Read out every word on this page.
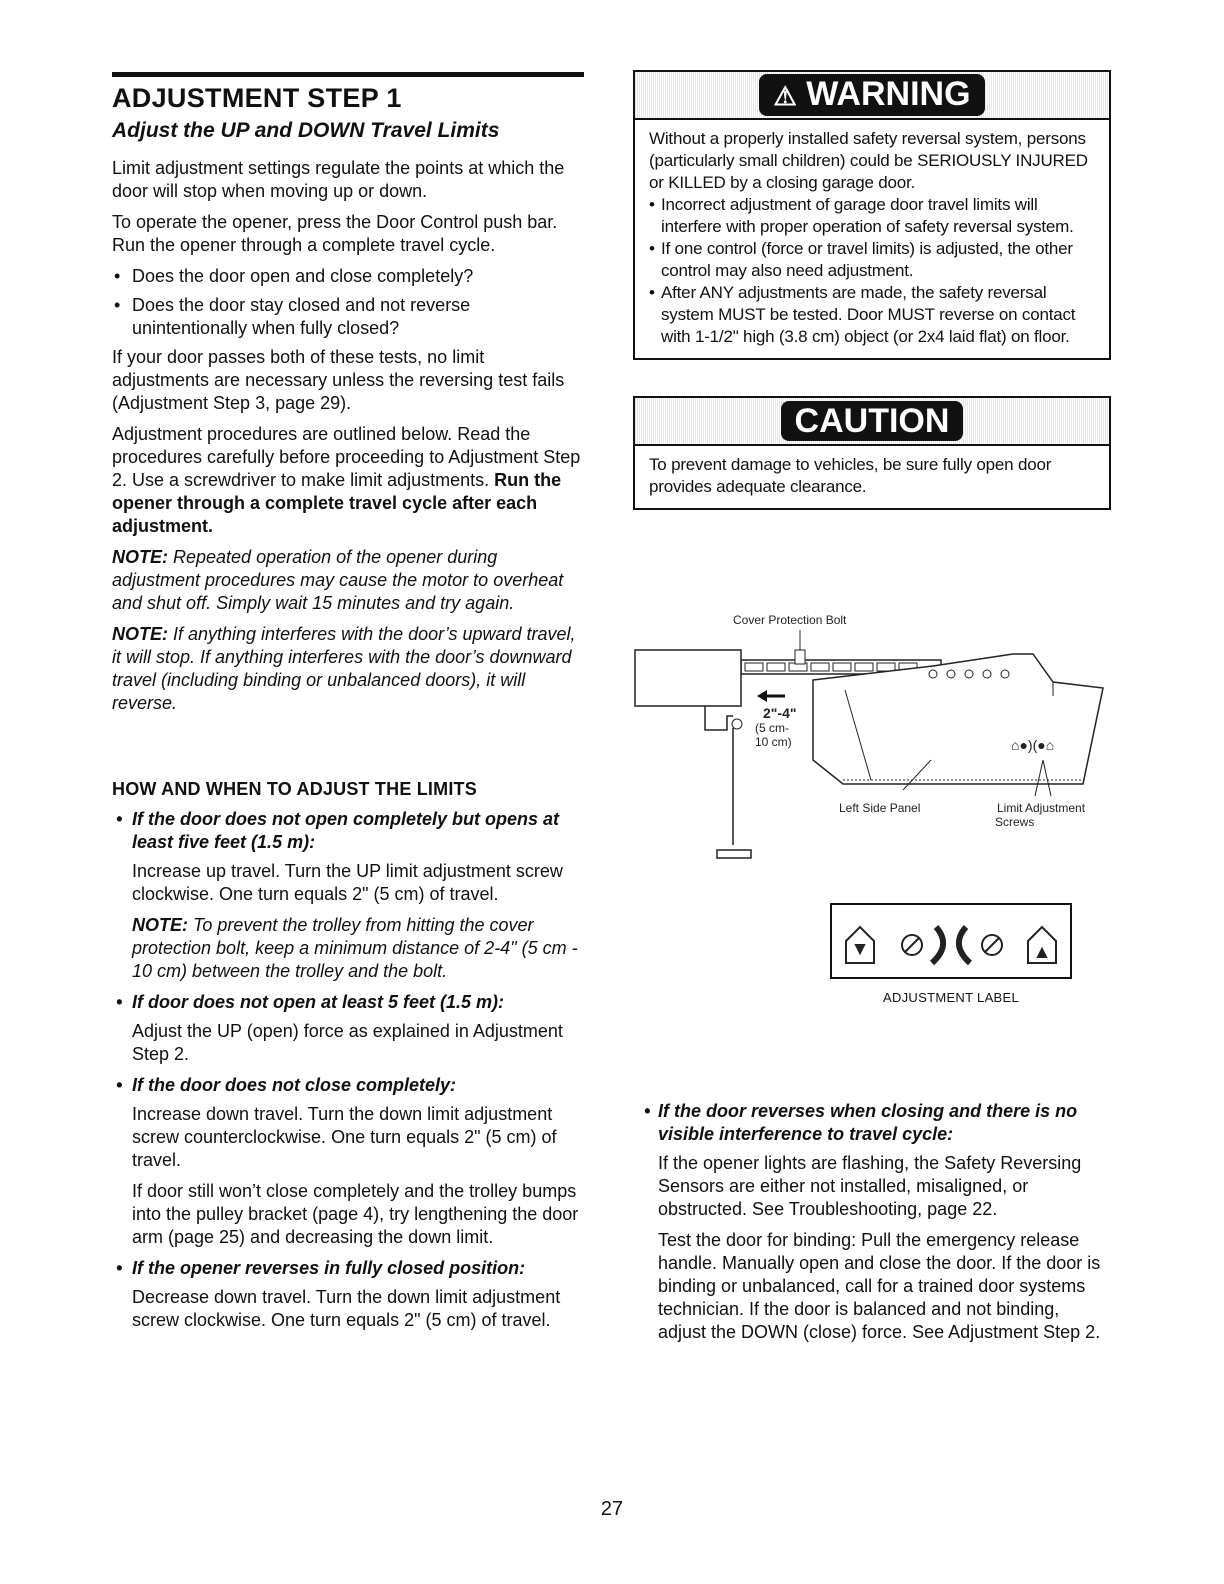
ADJUSTMENT STEP 1
Adjust the UP and DOWN Travel Limits

Limit adjustment settings regulate the points at which the door will stop when moving up or down.

To operate the opener, press the Door Control push bar. Run the opener through a complete travel cycle.

• Does the door open and close completely?
• Does the door stay closed and not reverse unintentionally when fully closed?

If your door passes both of these tests, no limit adjustments are necessary unless the reversing test fails (Adjustment Step 3, page 29).

Adjustment procedures are outlined below. Read the procedures carefully before proceeding to Adjustment Step 2. Use a screwdriver to make limit adjustments. Run the opener through a complete travel cycle after each adjustment.

NOTE: Repeated operation of the opener during adjustment procedures may cause the motor to overheat and shut off. Simply wait 15 minutes and try again.

NOTE: If anything interferes with the door’s upward travel, it will stop. If anything interferes with the door’s downward travel (including binding or unbalanced doors), it will reverse.

HOW AND WHEN TO ADJUST THE LIMITS
• If the door does not open completely but opens at least five feet (1.5 m):

Increase up travel. Turn the UP limit adjustment screw clockwise. One turn equals 2" (5 cm) of travel.

NOTE: To prevent the trolley from hitting the cover protection bolt, keep a minimum distance of 2-4" (5 cm - 10 cm) between the trolley and the bolt.

• If door does not open at least 5 feet (1.5 m):

Adjust the UP (open) force as explained in Adjustment Step 2.

• If the door does not close completely:

Increase down travel. Turn the down limit adjustment screw counterclockwise. One turn equals 2" (5 cm) of travel.

If door still won’t close completely and the trolley bumps into the pulley bracket (page 4), try lengthening the door arm (page 25) and decreasing the down limit.

• If the opener reverses in fully closed position:

Decrease down travel. Turn the down limit adjustment screw clockwise. One turn equals 2" (5 cm) of travel.

⚠ WARNING
Without a properly installed safety reversal system, persons (particularly small children) could be SERIOUSLY INJURED or KILLED by a closing garage door.
• Incorrect adjustment of garage door travel limits will interfere with proper operation of safety reversal system.
• If one control (force or travel limits) is adjusted, the other control may also need adjustment.
• After ANY adjustments are made, the safety reversal system MUST be tested. Door MUST reverse on contact with 1-1/2" high (3.8 cm) object (or 2x4 laid flat) on floor.
CAUTION
To prevent damage to vehicles, be sure fully open door provides adequate clearance.
Cover Protection Bolt
2"-4"
(5 cm-
10 cm)	⌂●)(●⌂
Left Side Panel	Limit Adjustment
Screws
ADJUSTMENT LABEL
• If the door reverses when closing and there is no visible interference to travel cycle:

If the opener lights are flashing, the Safety Reversing Sensors are either not installed, misaligned, or obstructed. See Troubleshooting, page 22.

Test the door for binding: Pull the emergency release handle. Manually open and close the door. If the door is binding or unbalanced, call for a trained door systems technician. If the door is balanced and not binding, adjust the DOWN (close) force. See Adjustment Step 2.

27
